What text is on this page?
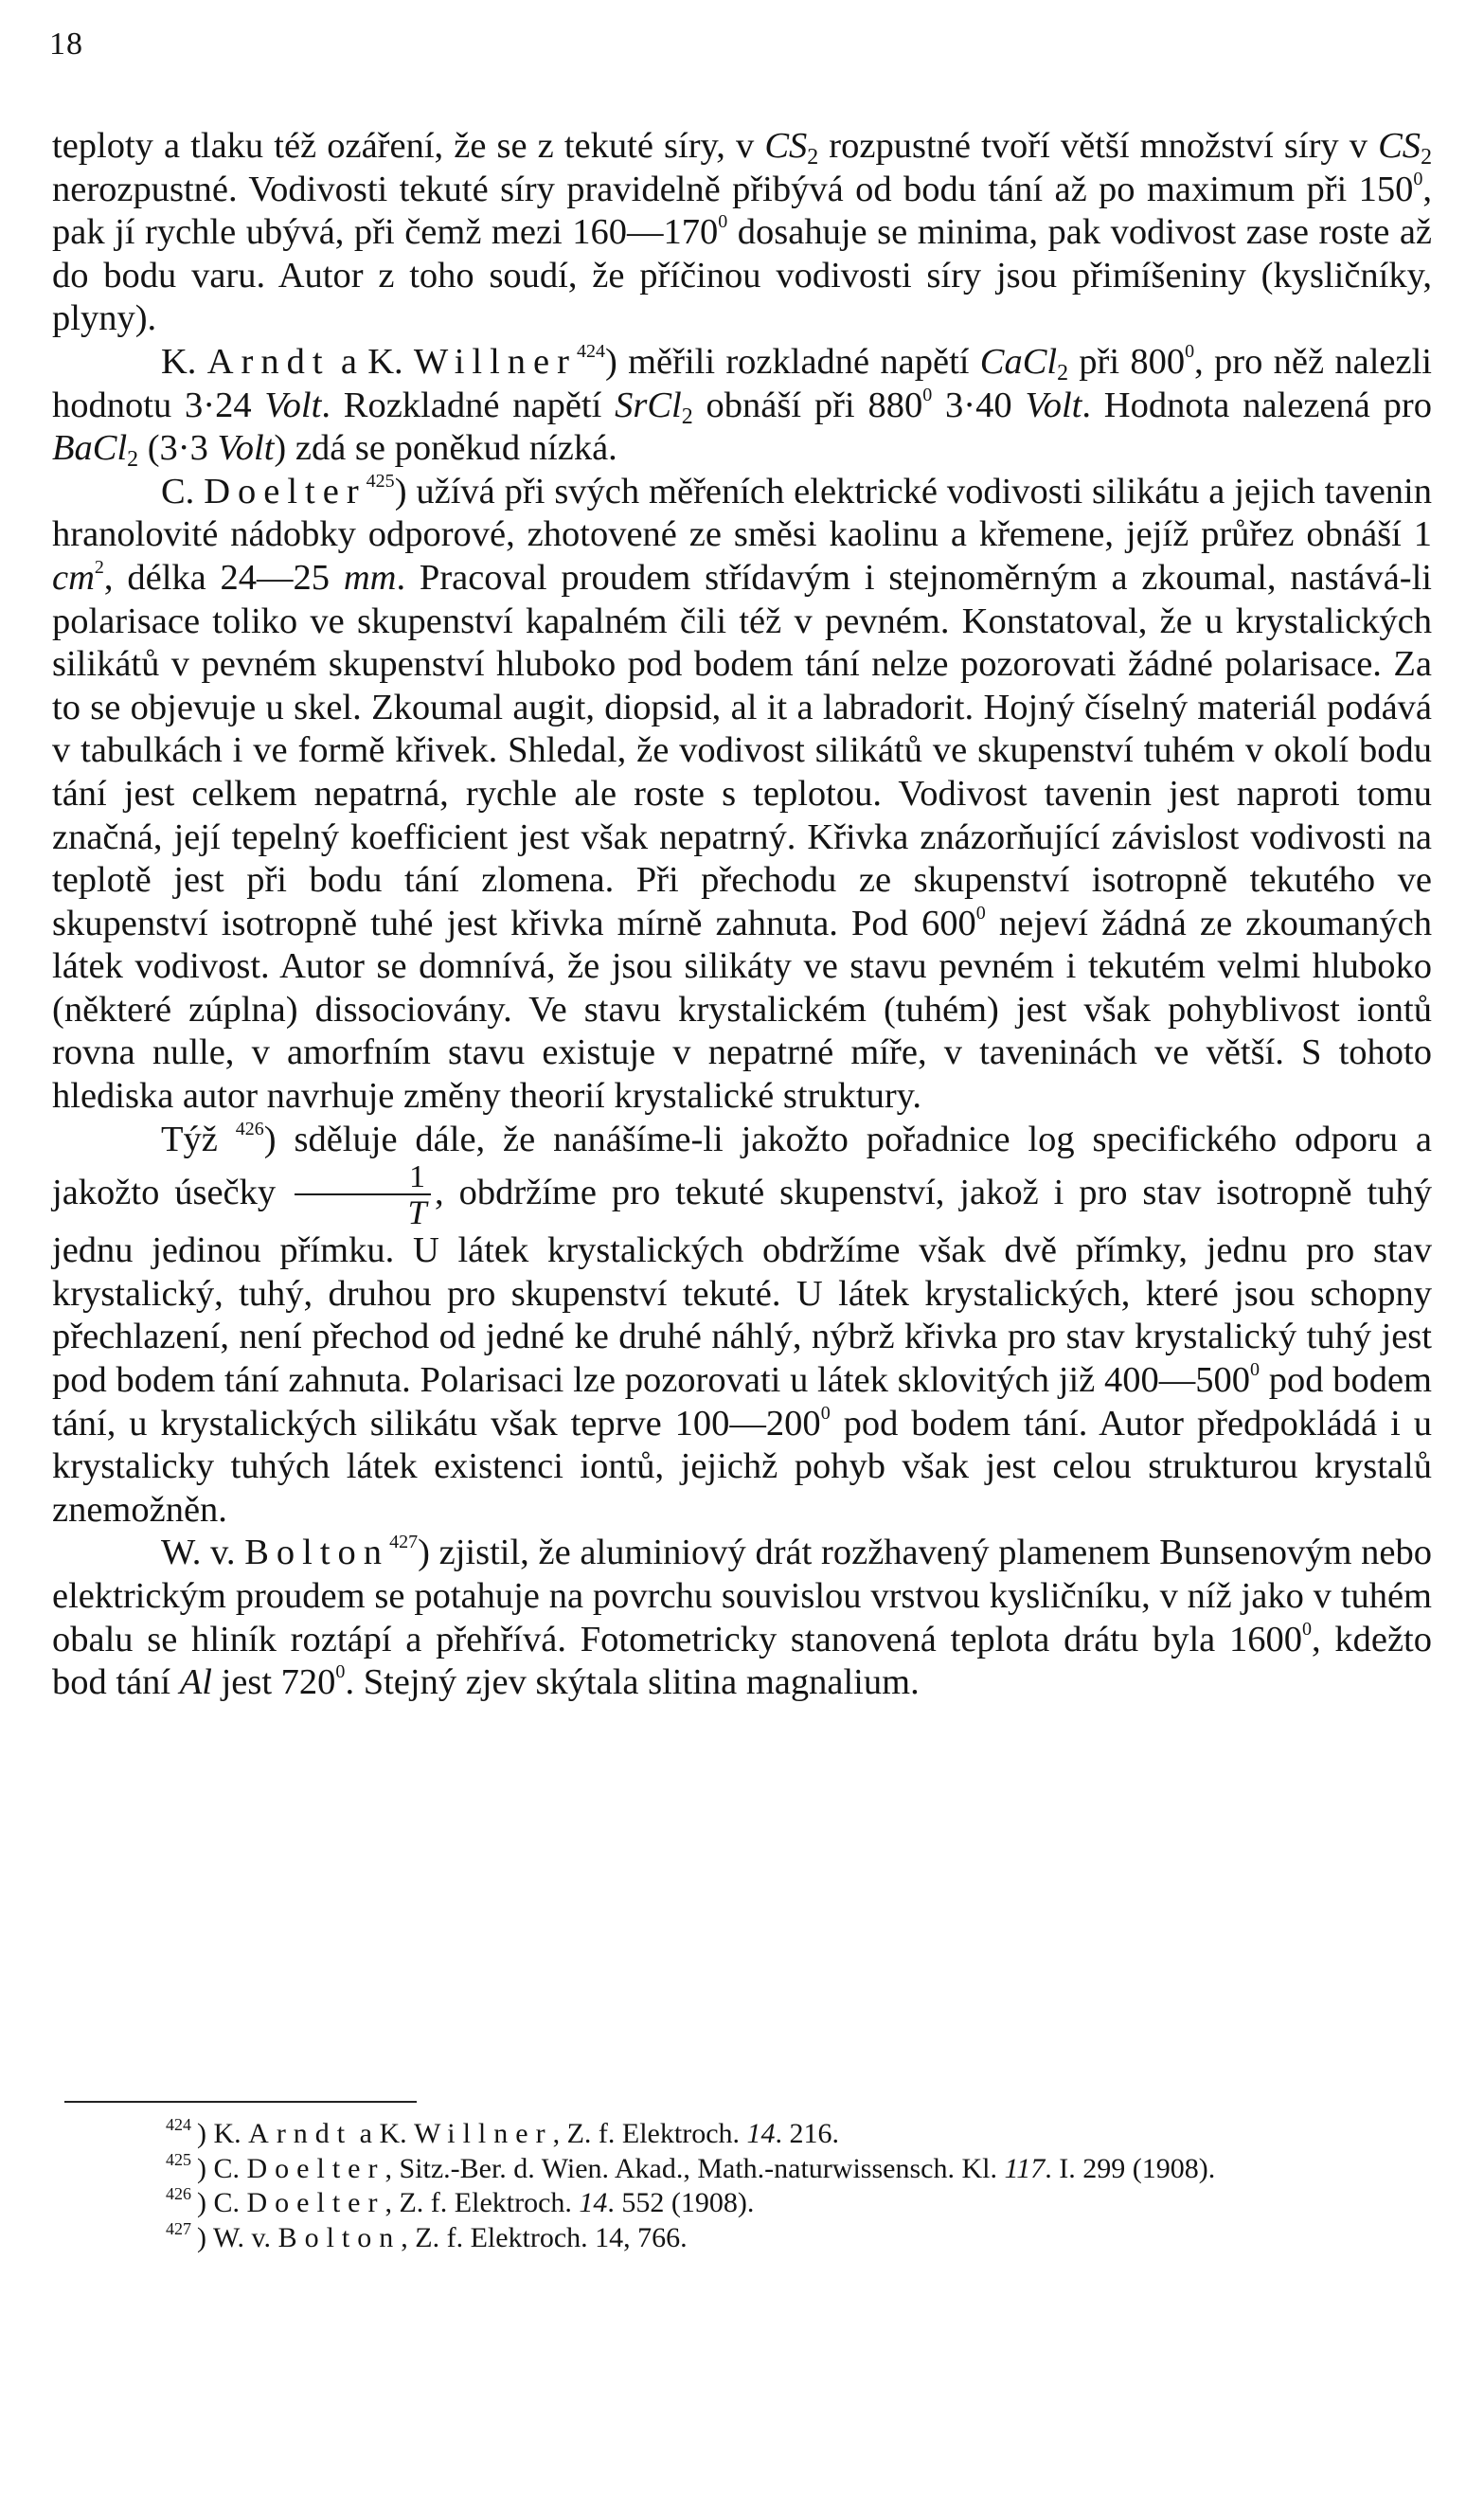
18

teploty a tlaku též ozáření, že se z tekuté síry, v $CS_2$ rozpustné tvoří větší množství síry v $CS_2$ nerozpustné. Vodivosti tekuté síry pravidelně přibývá od bodu tání až po maximum při $150^0$, pak jí rychle ubývá, při čemž mezi $160—170^0$ dosahuje se minima, pak vodivost zase roste až do bodu varu. Autor z toho soudí, že příčinou vodivosti síry jsou přimíšeniny (kysličníky, plyny).

K. Arndt a K. Willner$^{424}$) měřili rozkladné napětí CaCl$_2$ při $800^0$, pro něž nalezli hodnotu 3·24 Volt. Rozkladné napětí SrCl$_2$ obnáší při $880^0$ 3·40 Volt. Hodnota nalezená pro BaCl$_2$ (3·3 Volt) zdá se poněkud nízká.

C. Doelter$^{425}$) užívá při svých měřeních elektrické vodivosti silikátu a jejich tavenin hranolovité nádobky odporové, zhotovené ze směsi kaolinu a křemene, jejíž průřez obnáší 1 $cm^2$, délka 24—25 mm. Pracoval proudem střídavým i stejnoměrným a zkoumal, nastává-li polarisace toliko ve skupenství kapalném čili též v pevném. Konstatoval, že u krystalických silikátů v pevném skupenství hluboko pod bodem tání nelze pozorovati žádné polarisace. Za to se objevuje u skel. Zkoumal augit, diopsid, al it a labradorit. Hojný číselný materiál podává v tabulkách i ve formě křivek. Shledal, že vodivost silikátů ve skupenství tuhém v okolí bodu tání jest celkem nepatrná, rychle ale roste s teplotou. Vodivost tavenin jest naproti tomu značná, její tepelný koefficient jest však nepatrný. Křivka znázorňující závislost vodivosti na teplotě jest při bodu tání zlomena. Při přechodu ze skupenství isotropně tekutého ve skupenství isotropně tuhé jest křivka mírně zahnuta. Pod $600^0$ nejeví žádná ze zkoumaných látek vodivost. Autor se domnívá, že jsou silikáty ve stavu pevném i tekutém velmi hluboko (některé zúplna) dissociovány. Ve stavu krystalickém (tuhém) jest však pohyblivost iontů rovna nulle, v amorfním stavu existuje v nepatrné míře, v taveninách ve větší. S tohoto hlediska autor navrhuje změny theorií krystalické struktury.

Týž $^{426}$) sděluje dále, že nanášíme-li jakožto pořadnice log specifického odporu a jakožto úsečky $\frac{1}{T}$ , obdržíme pro tekuté skupenství, jakož i pro stav isotropně tuhý jednu jedinou přímku. U látek krystalických obdržíme však dvě přímky, jednu pro stav krystalický, tuhý, druhou pro skupenství tekuté. U látek krystalických, které jsou schopny přechlazení, není přechod od jedné ke druhé náhlý, nýbrž křivka pro stav krystalický tuhý jest pod bodem tání zahnuta. Polarisaci lze pozorovati u látek sklovitých již $400—500^0$ pod bodem tání, u krystalických silikátu však teprve $100—200^0$ pod bodem tání. Autor předpokládá i u krystalicky tuhých látek existenci iontů, jejichž pohyb však jest celou strukturou krystalů znemožněn.

W. v. Bolton$^{427}$) zjistil, že aluminiový drát rozžhavený plamenem Bunsenovým nebo elektrickým proudem se potahuje na povrchu souvislou vrstvou kysličníku, v níž jako v tuhém obalu se hliník roztápí a přehřívá. Fotometricky stanovená teplota drátu byla 1600$^0$, kdežto bod tání Al jest $720^0$. Stejný zjev skýtala slitina magnalium.

$^{424}$ ) K. Arndt a K. Willner, Z. f. Elektroch. 14. 216.

$^{425}$ ) C. Doelter, Sitz.-Ber. d. Wien. Akad., Math.-naturwissensch. Kl. 117. I. 299 (1908).

$^{426}$ ) C. Doelter, Z. f. Elektroch. 14. 552 (1908).

$^{427}$ ) W. v. Bolton, Z. f. Elektroch. 14, 766.
